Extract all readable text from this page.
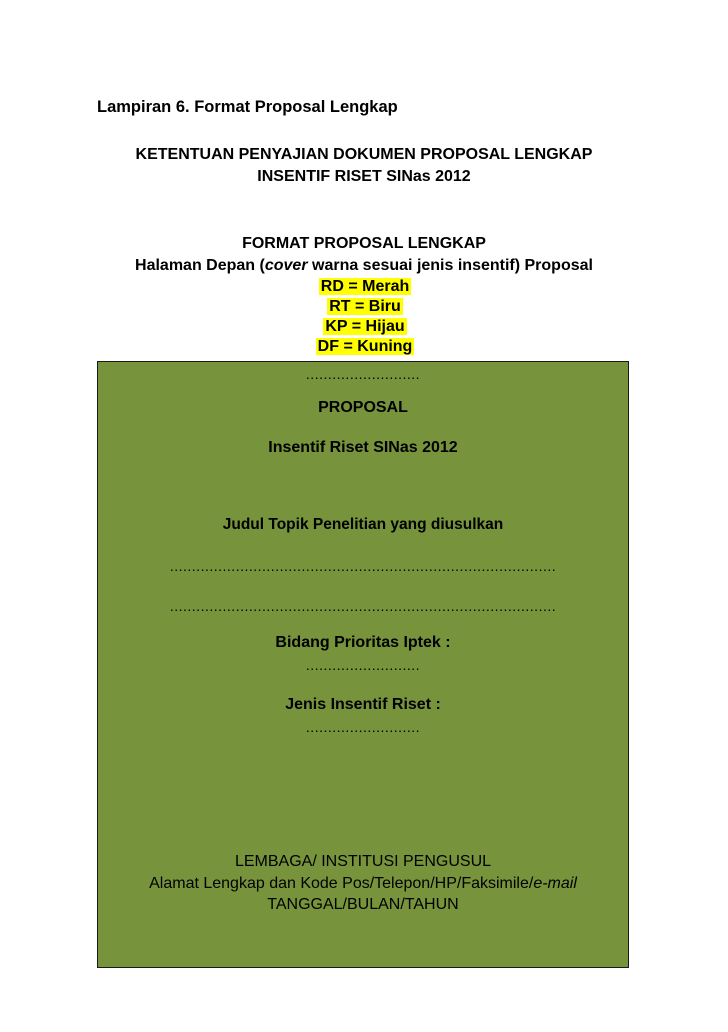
Lampiran 6. Format Proposal Lengkap
KETENTUAN PENYAJIAN DOKUMEN PROPOSAL LENGKAP
INSENTIF RISET SINas 2012
FORMAT PROPOSAL LENGKAP
Halaman Depan (cover warna sesuai jenis insentif) Proposal
RD = Merah
RT = Biru
KP = Hijau
DF = Kuning
..........................
PROPOSAL
Insentif Riset SINas 2012
Judul Topik Penelitian yang diusulkan
........................................................................................
........................................................................................
Bidang Prioritas Iptek :
..........................
Jenis Insentif Riset :
..........................
LEMBAGA/ INSTITUSI PENGUSUL
Alamat Lengkap dan Kode Pos/Telepon/HP/Faksimile/e-mail
TANGGAL/BULAN/TAHUN
